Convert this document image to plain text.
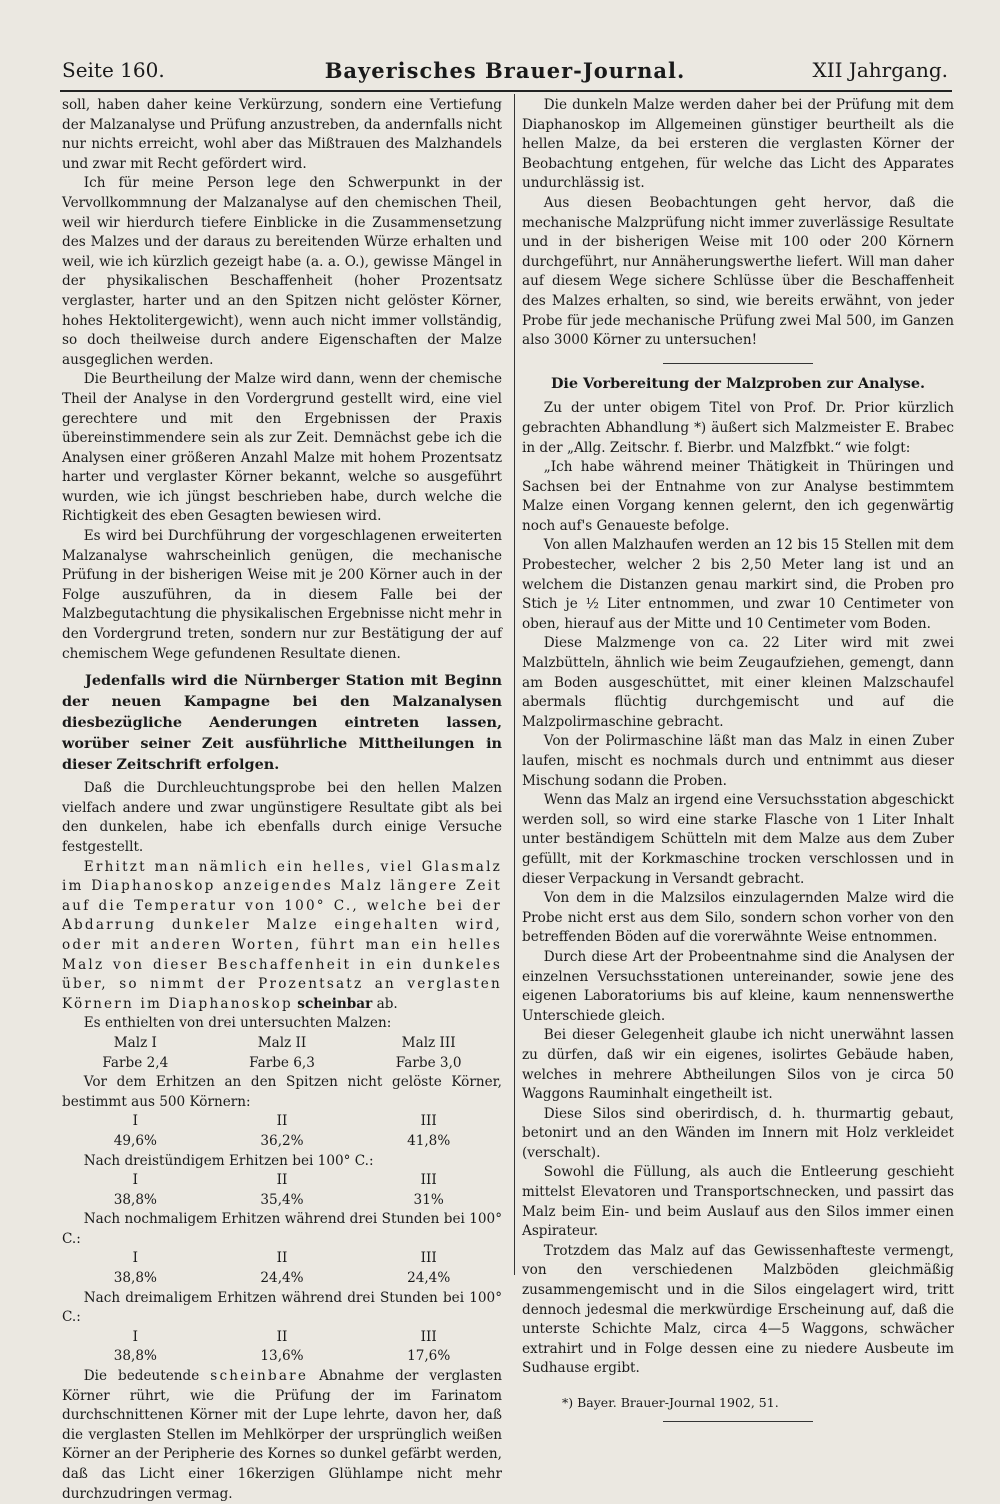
Seite 160.	Bayerisches Brauer-Journal.	XII Jahrgang.

soll, haben daher keine Verkürzung, sondern eine Vertiefung der Malzanalyse und Prüfung anzustreben, da andernfalls nicht nur nichts erreicht, wohl aber das Mißtrauen des Malzhandels und zwar mit Recht gefördert wird.

Ich für meine Person lege den Schwerpunkt in der Vervollkommnung der Malzanalyse auf den chemischen Theil, weil wir hierdurch tiefere Einblicke in die Zusammensetzung des Malzes und der daraus zu bereitenden Würze erhalten und weil, wie ich kürzlich gezeigt habe (a. a. O.), gewisse Mängel in der physikalischen Beschaffenheit (hoher Prozentsatz verglaster, harter und an den Spitzen nicht gelöster Körner, hohes Hektolitergewicht), wenn auch nicht immer vollständig, so doch theilweise durch andere Eigenschaften der Malze ausgeglichen werden.

Die Beurtheilung der Malze wird dann, wenn der chemische Theil der Analyse in den Vordergrund gestellt wird, eine viel gerechtere und mit den Ergebnissen der Praxis übereinstimmendere sein als zur Zeit. Demnächst gebe ich die Analysen einer größeren Anzahl Malze mit hohem Prozentsatz harter und verglaster Körner bekannt, welche so ausgeführt wurden, wie ich jüngst beschrieben habe, durch welche die Richtigkeit des eben Gesagten bewiesen wird.

Es wird bei Durchführung der vorgeschlagenen erweiterten Malzanalyse wahrscheinlich genügen, die mechanische Prüfung in der bisherigen Weise mit je 200 Körner auch in der Folge auszuführen, da in diesem Falle bei der Malzbegutachtung die physikalischen Ergebnisse nicht mehr in den Vordergrund treten, sondern nur zur Bestätigung der auf chemischem Wege gefundenen Resultate dienen.

Jedenfalls wird die Nürnberger Station mit Beginn der neuen Kampagne bei den Malzanalysen diesbezügliche Aenderungen eintreten lassen, worüber seiner Zeit ausführliche Mittheilungen in dieser Zeitschrift erfolgen.

Daß die Durchleuchtungsprobe bei den hellen Malzen vielfach andere und zwar ungünstigere Resultate gibt als bei den dunkelen, habe ich ebenfalls durch einige Versuche festgestellt.

Erhitzt man nämlich ein helles, viel Glasmalz im Diaphanoskop anzeigendes Malz längere Zeit auf die Temperatur von 100° C., welche bei der Abdarrung dunkeler Malze eingehalten wird, oder mit anderen Worten, führt man ein helles Malz von dieser Beschaffenheit in ein dunkeles über, so nimmt der Prozentsatz an verglasten Körnern im Diaphanoskop scheinbar ab.

Es enthielten von drei untersuchten Malzen:

Malz I	Malz II	Malz III
Farbe 2,4	Farbe 6,3	Farbe 3,0

Vor dem Erhitzen an den Spitzen nicht gelöste Körner, bestimmt aus 500 Körnern:

I	II	III
49,6%	36,2%	41,8%

Nach dreistündigem Erhitzen bei 100° C.:

I	II	III
38,8%	35,4%	31%

Nach nochmaligem Erhitzen während drei Stunden bei 100° C.:

I	II	III
38,8%	24,4%	24,4%

Nach dreimaligem Erhitzen während drei Stunden bei 100° C.:

I	II	III
38,8%	13,6%	17,6%

Die bedeutende scheinbare Abnahme der verglasten Körner rührt, wie die Prüfung der im Farinatom durchschnittenen Körner mit der Lupe lehrte, davon her, daß die verglasten Stellen im Mehlkörper der ursprünglich weißen Körner an der Peripherie des Kornes so dunkel gefärbt werden, daß das Licht einer 16kerzigen Glühlampe nicht mehr durchzudringen vermag.

Die dunkeln Malze werden daher bei der Prüfung mit dem Diaphanoskop im Allgemeinen günstiger beurtheilt als die hellen Malze, da bei ersteren die verglasten Körner der Beobachtung entgehen, für welche das Licht des Apparates undurchlässig ist.

Aus diesen Beobachtungen geht hervor, daß die mechanische Malzprüfung nicht immer zuverlässige Resultate und in der bisherigen Weise mit 100 oder 200 Körnern durchgeführt, nur Annäherungswerthe liefert. Will man daher auf diesem Wege sichere Schlüsse über die Beschaffenheit des Malzes erhalten, so sind, wie bereits erwähnt, von jeder Probe für jede mechanische Prüfung zwei Mal 500, im Ganzen also 3000 Körner zu untersuchen!

Die Vorbereitung der Malzproben zur Analyse.

Zu der unter obigem Titel von Prof. Dr. Prior kürzlich gebrachten Abhandlung *) äußert sich Malzmeister E. Brabec in der „Allg. Zeitschr. f. Bierbr. und Malzfbkt.“ wie folgt:

„Ich habe während meiner Thätigkeit in Thüringen und Sachsen bei der Entnahme von zur Analyse bestimmtem Malze einen Vorgang kennen gelernt, den ich gegenwärtig noch auf's Genaueste befolge.

Von allen Malzhaufen werden an 12 bis 15 Stellen mit dem Probestecher, welcher 2 bis 2,50 Meter lang ist und an welchem die Distanzen genau markirt sind, die Proben pro Stich je ½ Liter entnommen, und zwar 10 Centimeter von oben, hierauf aus der Mitte und 10 Centimeter vom Boden.

Diese Malzmenge von ca. 22 Liter wird mit zwei Malzbütteln, ähnlich wie beim Zeugaufziehen, gemengt, dann am Boden ausgeschüttet, mit einer kleinen Malzschaufel abermals flüchtig durchgemischt und auf die Malzpolirmaschine gebracht.

Von der Polirmaschine läßt man das Malz in einen Zuber laufen, mischt es nochmals durch und entnimmt aus dieser Mischung sodann die Proben.

Wenn das Malz an irgend eine Versuchsstation abgeschickt werden soll, so wird eine starke Flasche von 1 Liter Inhalt unter beständigem Schütteln mit dem Malze aus dem Zuber gefüllt, mit der Korkmaschine trocken verschlossen und in dieser Verpackung in Versandt gebracht.

Von dem in die Malzsilos einzulagernden Malze wird die Probe nicht erst aus dem Silo, sondern schon vorher von den betreffenden Böden auf die vorerwähnte Weise entnommen.

Durch diese Art der Probeentnahme sind die Analysen der einzelnen Versuchsstationen untereinander, sowie jene des eigenen Laboratoriums bis auf kleine, kaum nennenswerthe Unterschiede gleich.

Bei dieser Gelegenheit glaube ich nicht unerwähnt lassen zu dürfen, daß wir ein eigenes, isolirtes Gebäude haben, welches in mehrere Abtheilungen Silos von je circa 50 Waggons Rauminhalt eingetheilt ist.

Diese Silos sind oberirdisch, d. h. thurmartig gebaut, betonirt und an den Wänden im Innern mit Holz verkleidet (verschalt).

Sowohl die Füllung, als auch die Entleerung geschieht mittelst Elevatoren und Transportschnecken, und passirt das Malz beim Ein- und beim Auslauf aus den Silos immer einen Aspirateur.

Trotzdem das Malz auf das Gewissenhafteste vermengt, von den verschiedenen Malzböden gleichmäßig zusammengemischt und in die Silos eingelagert wird, tritt dennoch jedesmal die merkwürdige Erscheinung auf, daß die unterste Schichte Malz, circa 4—5 Waggons, schwächer extrahirt und in Folge dessen eine zu niedere Ausbeute im Sudhause ergibt.

*) Bayer. Brauer-Journal 1902, 51.
